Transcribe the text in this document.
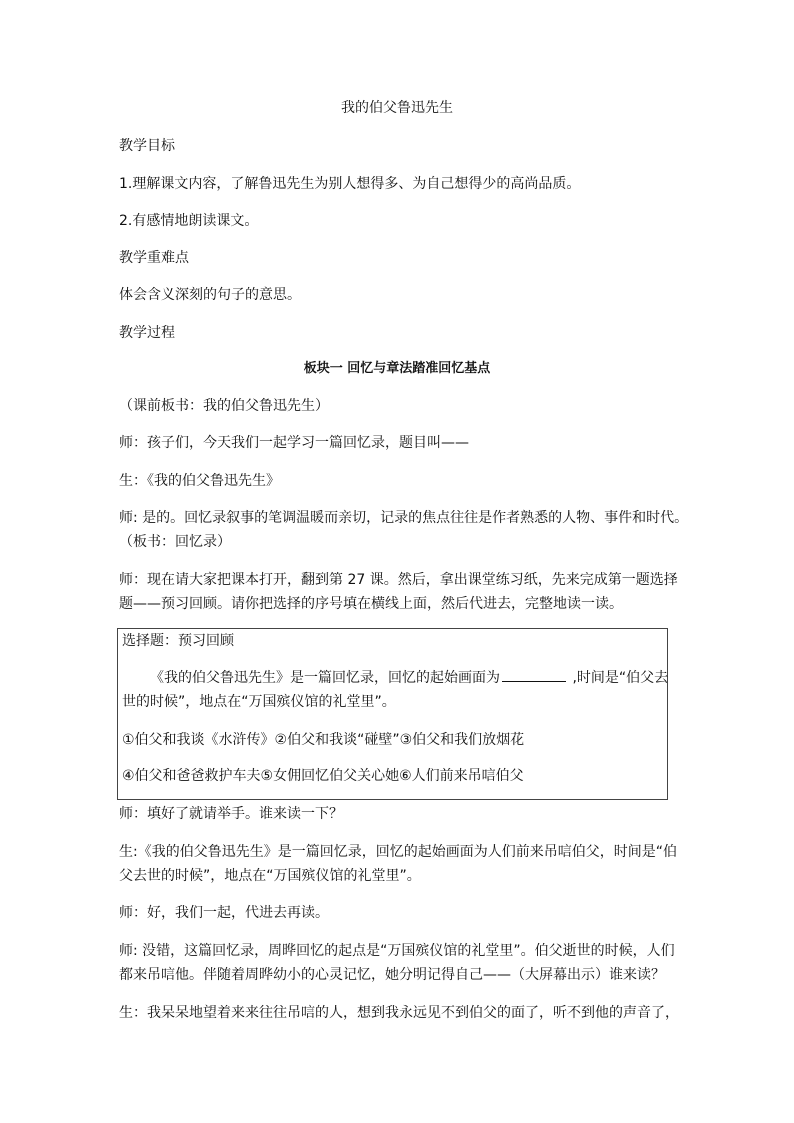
我的伯父鲁迅先生

教学目标

1.理解课文内容，了解鲁迅先生为别人想得多、为自己想得少的高尚品质。

2.有感情地朗读课文。

教学重难点

体会含义深刻的句子的意思。

教学过程

板块一 回忆与章法踏准回忆基点

（课前板书：我的伯父鲁迅先生）

师：孩子们，今天我们一起学习一篇回忆录，题目叫——

生：《我的伯父鲁迅先生》

师: 是的。回忆录叙事的笔调温暖而亲切，记录的焦点往往是作者熟悉的人物、事件和时代。

（板书：回忆录）

师：现在请大家把课本打开，翻到第 27 课。然后，拿出课堂练习纸，先来完成第一题选择

题——预习回顾。请你把选择的序号填在横线上面，然后代进去，完整地读一读。

选择题：预习回顾

《我的伯父鲁迅先生》是一篇回忆录，回忆的起始画面为	,时间是“伯父去

世的时候”，地点在“万国殡仪馆的礼堂里”。

①伯父和我谈《水浒传》②伯父和我谈“碰壁”③伯父和我们放烟花

④伯父和爸爸救护车夫⑤女佣回忆伯父关心她⑥人们前来吊唁伯父

师：填好了就请举手。谁来读一下？

生:《我的伯父鲁迅先生》是一篇回忆录，回忆的起始画面为人们前来吊唁伯父，时间是“伯

父去世的时候”，地点在“万国殡仪馆的礼堂里”。

师：好，我们一起，代进去再读。

师: 没错，这篇回忆录，周晔回忆的起点是“万国殡仪馆的礼堂里”。伯父逝世的时候，人们

都来吊唁他。伴随着周晔幼小的心灵记忆，她分明记得自己——（大屏幕出示）谁来读？

生：我呆呆地望着来来往往吊唁的人，想到我永远见不到伯父的面了，听不到他的声音了，
